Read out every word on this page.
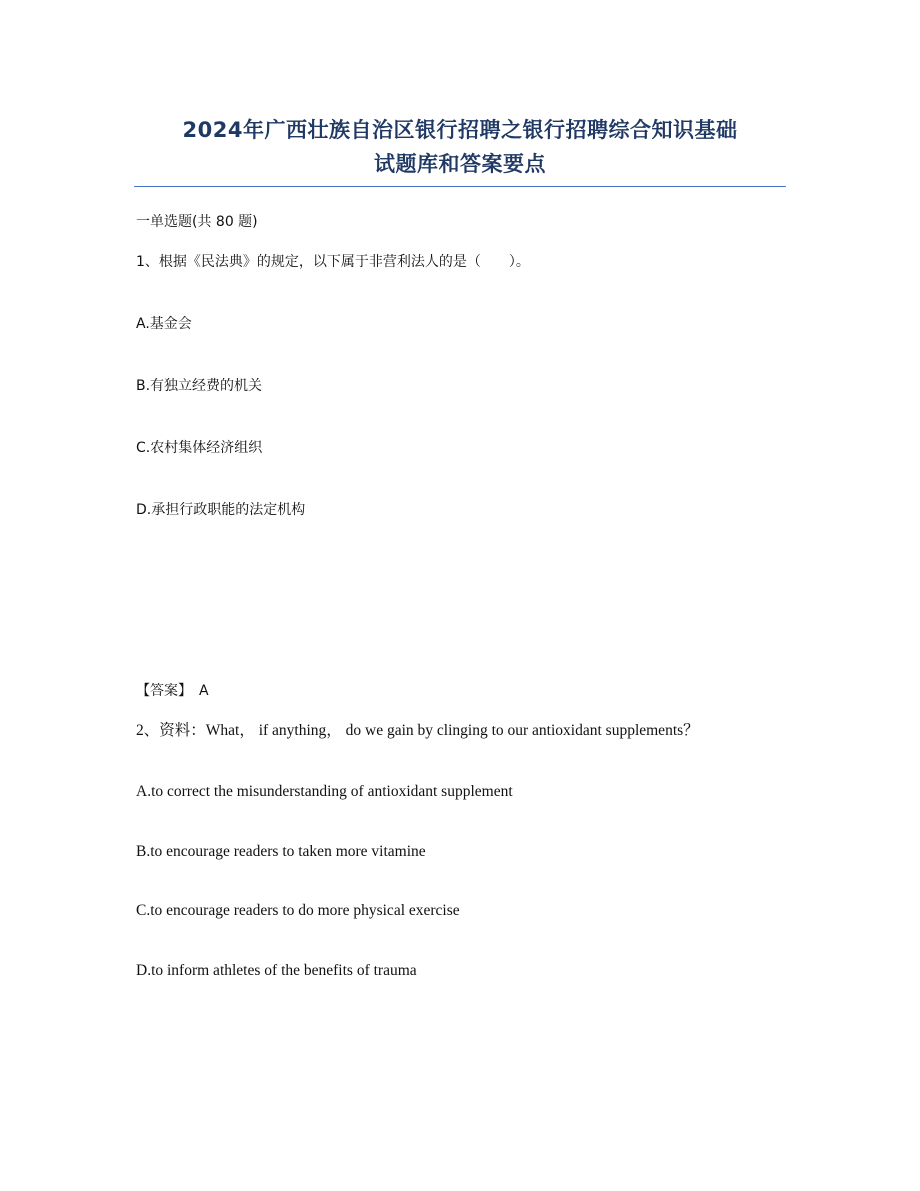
2024年广西壮族自治区银行招聘之银行招聘综合知识基础
试题库和答案要点
一单选题(共 80 题)
1、根据《民法典》的规定，以下属于非营利法人的是（　　）。
A.基金会
B.有独立经费的机关
C.农村集体经济组织
D.承担行政职能的法定机构
【答案】　A
2、资料：What， if anything， do we gain by clinging to our antioxidant supplements？
A.to correct the misunderstanding of antioxidant supplement
B.to encourage readers to taken more vitamine
C.to encourage readers to do more physical exercise
D.to inform athletes of the benefits of trauma
